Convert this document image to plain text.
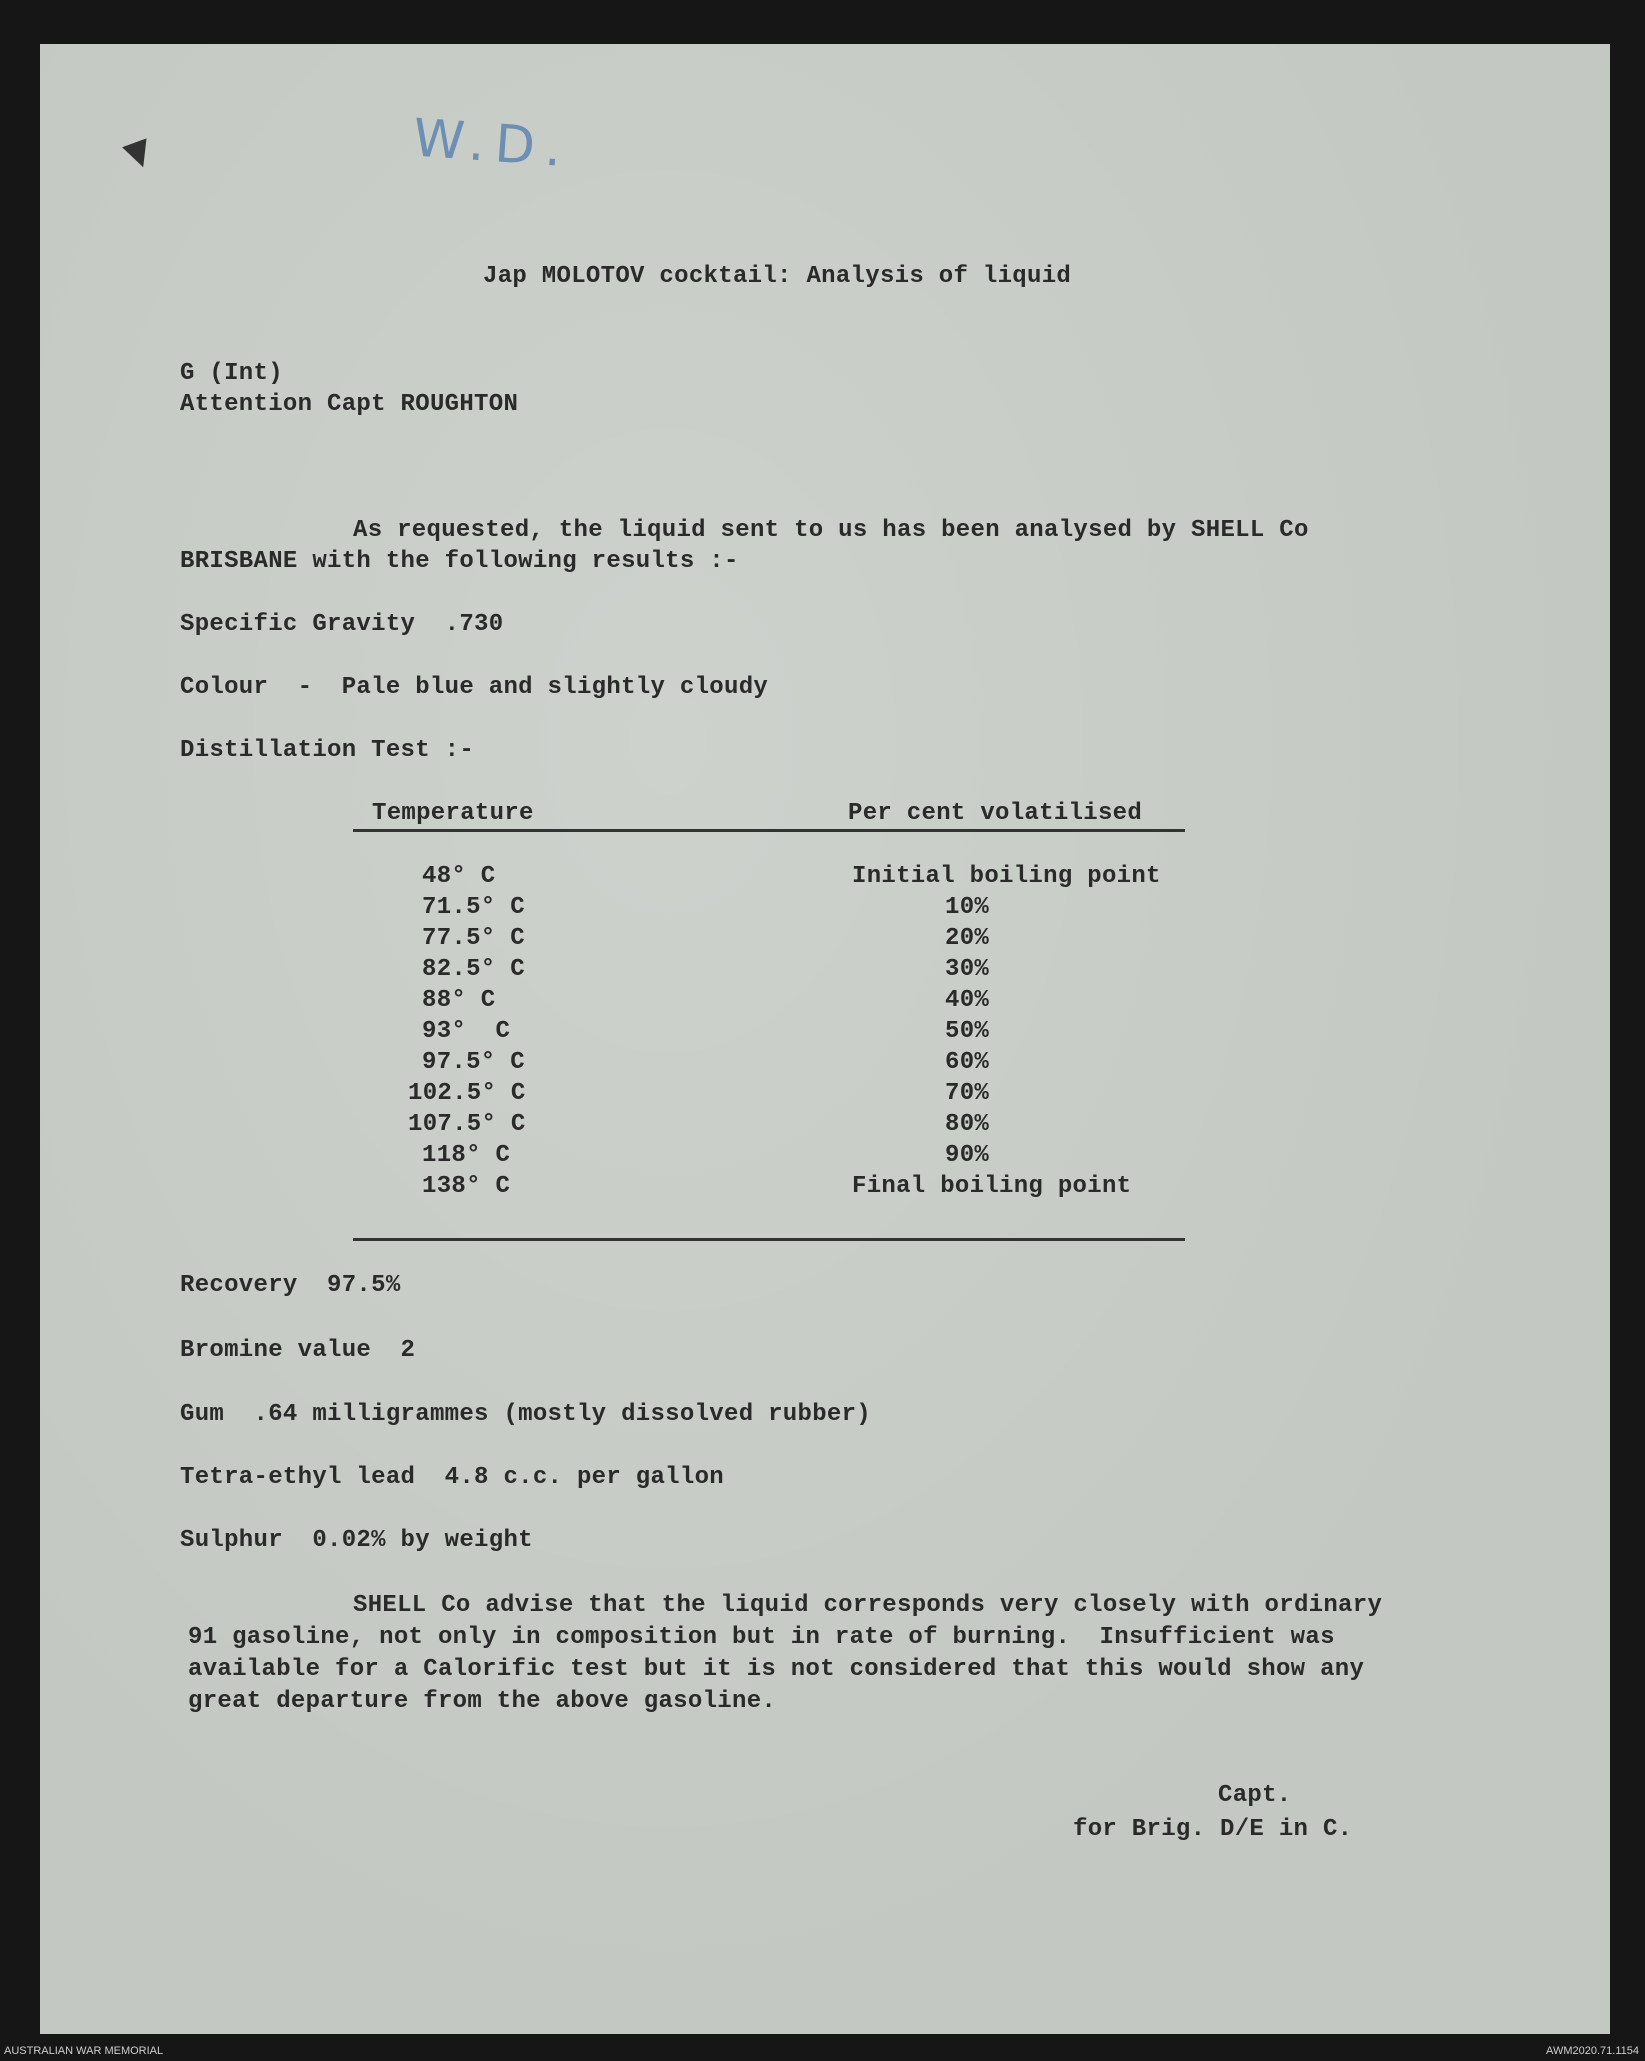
W.D.
▼

Jap MOLOTOV cocktail: Analysis of liquid

G (Int)

Attention Capt ROUGHTON

As requested, the liquid sent to us has been analysed by SHELL Co

BRISBANE with the following results :-

Specific Gravity  .730

Colour  -  Pale blue and slightly cloudy

Distillation Test :-

Temperature	Per cent volatilised

48° C	Initial boiling point

71.5° C	10%

77.5° C	20%

82.5° C	30%

88° C	40%

93°  C	50%

97.5° C	60%

102.5° C	70%

107.5° C	80%

118° C	90%

138° C	Final boiling point

Recovery  97.5%

Bromine value  2

Gum  .64 milligrammes (mostly dissolved rubber)

Tetra-ethyl lead  4.8 c.c. per gallon

Sulphur  0.02% by weight

SHELL Co advise that the liquid corresponds very closely with ordinary

91 gasoline, not only in composition but in rate of burning.  Insufficient was

available for a Calorific test but it is not considered that this would show any

great departure from the above gasoline.

Capt.

for Brig. D/E in C.

AUSTRALIAN WAR MEMORIAL	AWM2020.71.1154
